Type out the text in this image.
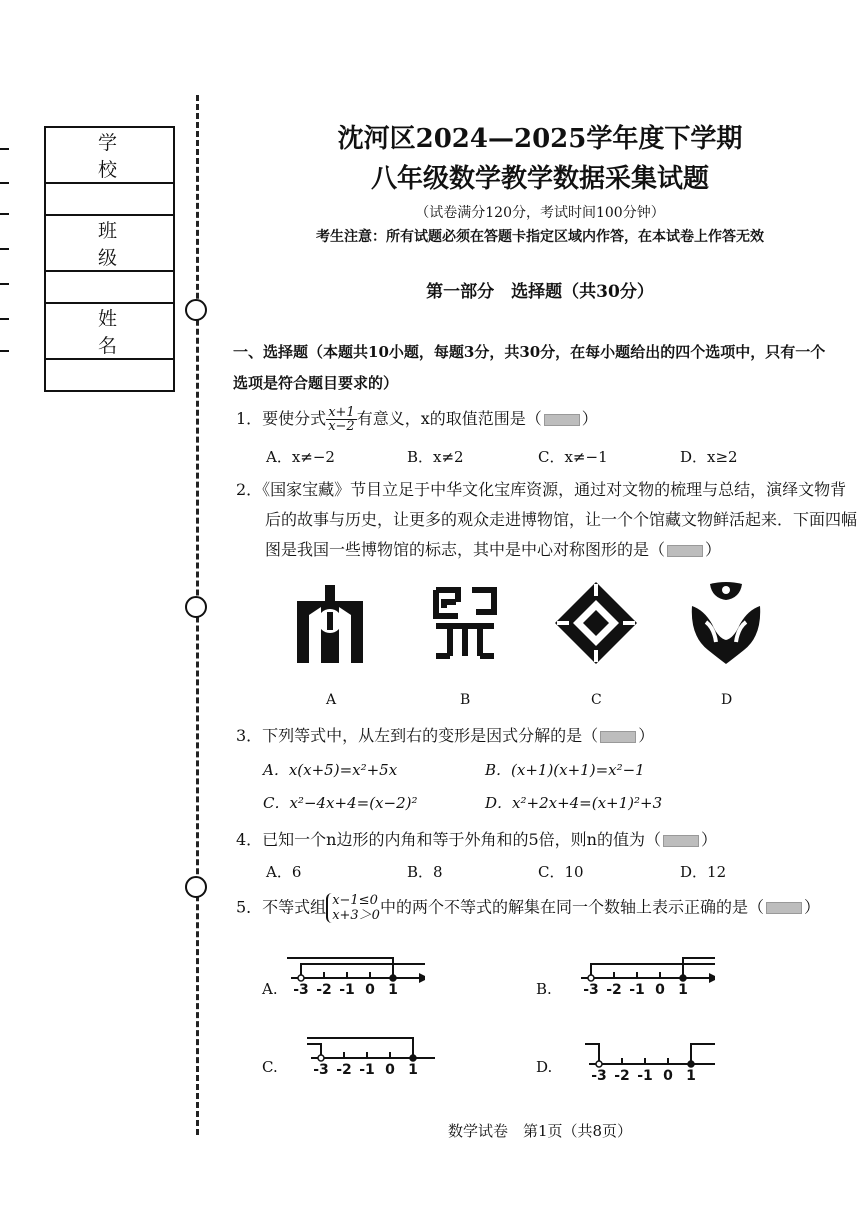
学 校

班 级

姓 名

沈河区2024—2025学年度下学期
八年级数学教学数据采集试题
（试卷满分120分，考试时间100分钟）
考生注意：所有试题必须在答题卡指定区域内作答，在本试卷上作答无效
第一部分　选择题（共30分）
一、选择题（本题共10小题，每题3分，共30分，在每小题给出的四个选项中，只有一个
选项是符合题目要求的）
1．要使分式 $\frac{x+1}{x-2}$ 有意义，x的取值范围是（	）
A．x≠−2	B．x≠2	C．x≠−1	D．x≥2
2．《国家宝藏》节目立足于中华文化宝库资源，通过对文物的梳理与总结，演绎文物背
后的故事与历史，让更多的观众走进博物馆，让一个个馆藏文物鲜活起来．下面四幅
图是我国一些博物馆的标志，其中是中心对称图形的是（	）
A	B	C	D
3．下列等式中，从左到右的变形是因式分解的是（	）
A．x(x+5)=x²+5x	B．(x+1)(x+1)=x²−1
C．x²−4x+4=(x−2)²	D．x²+2x+4=(x+1)²+3
4．已知一个n边形的内角和等于外角和的5倍，则n的值为（	）
A．6	B．8	C．10	D．12
5．不等式组 x−1≤0
x+3＞0 中的两个不等式的解集在同一个数轴上表示正确的是（	）
A.	B.
C.	D.
-3 -2 -1 0 1	-3 -2 -1 0 1
-3 -2 -1 0 1	-3 -2 -1 0 1
数学试卷　第1页（共8页）
